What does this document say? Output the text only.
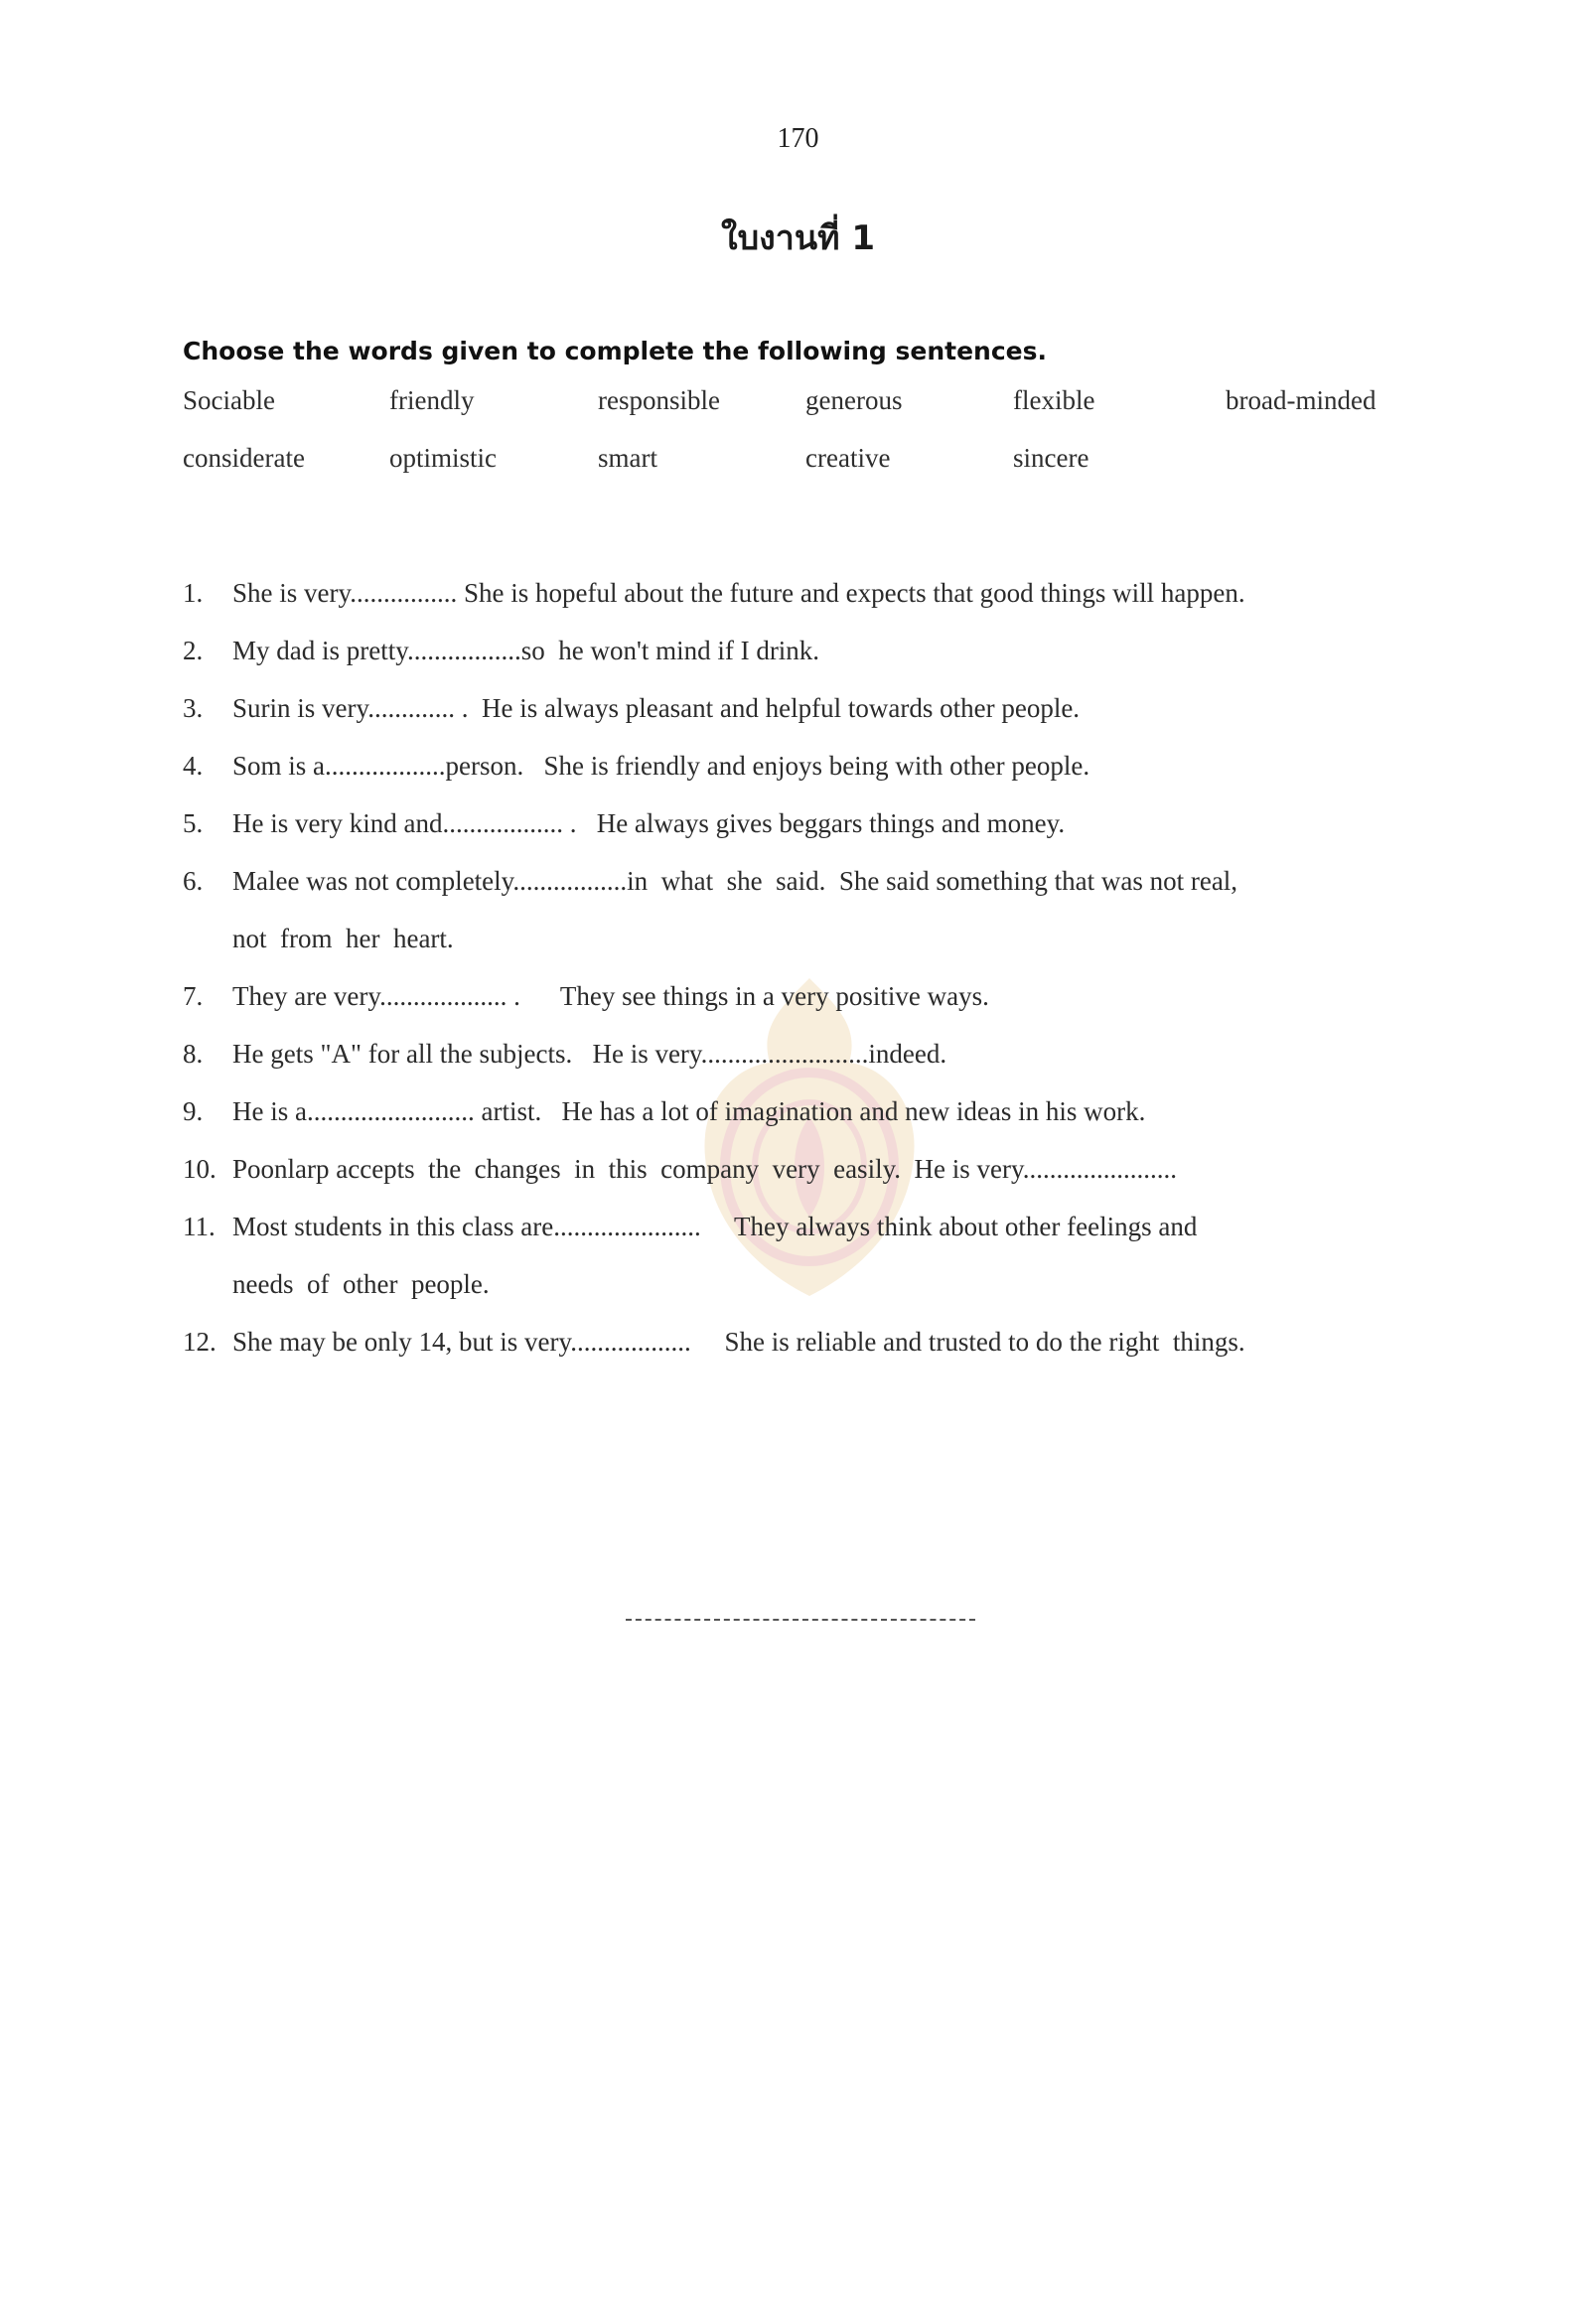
170
ใบงานที่ 1
Choose the words given to complete the following sentences.
Sociable	friendly	responsible	generous	flexible	broad-minded
considerate	optimistic	smart	creative	sincere
1. She is very................ She is hopeful about the future and expects that good things will happen.
2. My dad is pretty.................so  he won't mind if I drink.
3. Surin is very............. .  He is always pleasant and helpful towards other people.
4. Som is a..................person.   She is friendly and enjoys being with other people.
5. He is very kind and.................. .   He always gives beggars things and money.
6. Malee was not completely.................in  what  she  said.  She said something that was not real,
not  from  her  heart.
7. They are very................... .      They see things in a very positive ways.
8. He gets "A" for all the subjects.   He is very.........................indeed.
9. He is a......................... artist.   He has a lot of imagination and new ideas in his work.
10. Poonlarp accepts  the  changes  in  this  company  very  easily.  He is very.......................
11. Most students in this class are......................     They always think about other feelings and
needs  of  other  people.
12. She may be only 14, but is very..................     She is reliable and trusted to do the right  things.
